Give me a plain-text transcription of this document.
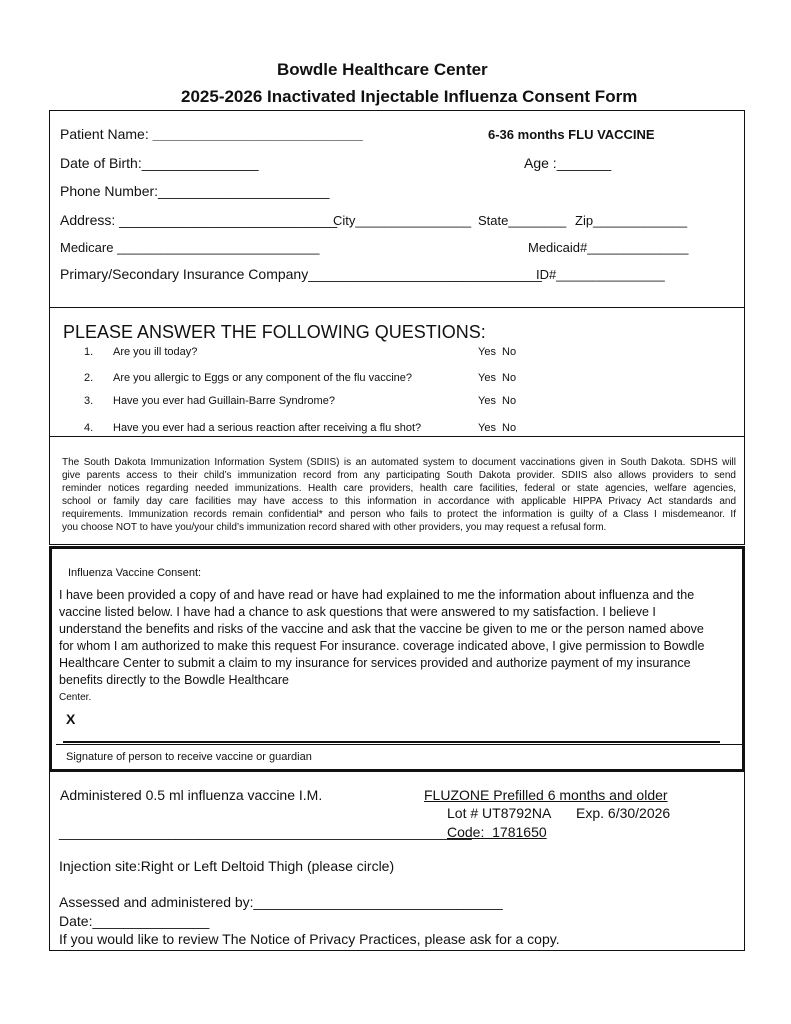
Bowdle Healthcare Center
2025-2026 Inactivated Injectable Influenza Consent Form
Patient Name: ___________________________	6-36 months FLU VACCINE
Date of Birth:_______________	Age :_______
Phone Number:______________________
Address: ____________________________
City________________ State________ Zip_____________
Medicare ____________________________	Medicaid#______________
Primary/Secondary Insurance Company______________________________
ID#_______________
PLEASE ANSWER THE FOLLOWING QUESTIONS:
1. Are you ill today?	Yes  No
2. Are you allergic to Eggs or any component of the flu vaccine?	Yes  No
3. Have you ever had Guillain-Barre Syndrome?	Yes  No
4. Have you ever had a serious reaction after receiving a flu shot?	Yes  No
The South Dakota Immunization Information System (SDIIS) is an automated system to document vaccinations given in South Dakota. SDHS will
give parents access to their child’s immunization record from any participating South Dakota provider. SDIIS also allows providers to send
reminder notices regarding needed immunizations. Health care providers, health care facilities, federal or state agencies, welfare agencies,
school or family day care facilities may have access to this information in accordance with applicable HIPPA Privacy Act standards and
requirements. Immunization records remain confidential* and person who fails to protect the information is guilty of a Class I misdemeanor. If
you choose NOT to have you/your child’s immunization record shared with other providers, you may request a refusal form.
Influenza Vaccine Consent:
I have been provided a copy of and have read or have had explained to me the information about influenza and the
vaccine listed below. I have had a chance to ask questions that were answered to my satisfaction. I believe I
understand the benefits and risks of the vaccine and ask that the vaccine be given to me or the person named above
for whom I am authorized to make this request For insurance. coverage indicated above, I give permission to Bowdle
Healthcare Center to submit a claim to my insurance for services provided and authorize payment of my insurance
benefits directly to the Bowdle Healthcare
Center.
X
Signature of person to receive vaccine or guardian
Administered 0.5 ml influenza vaccine I.M.	FLUZONE Prefilled 6 months and older
Lot # UT8792NA Exp. 6/30/2026
Code:  1781650
_____________________________________________________
Injection site:Right or Left Deltoid Thigh (please circle)
Assessed and administered by:________________________________
Date:_______________
If you would like to review The Notice of Privacy Practices, please ask for a copy.
